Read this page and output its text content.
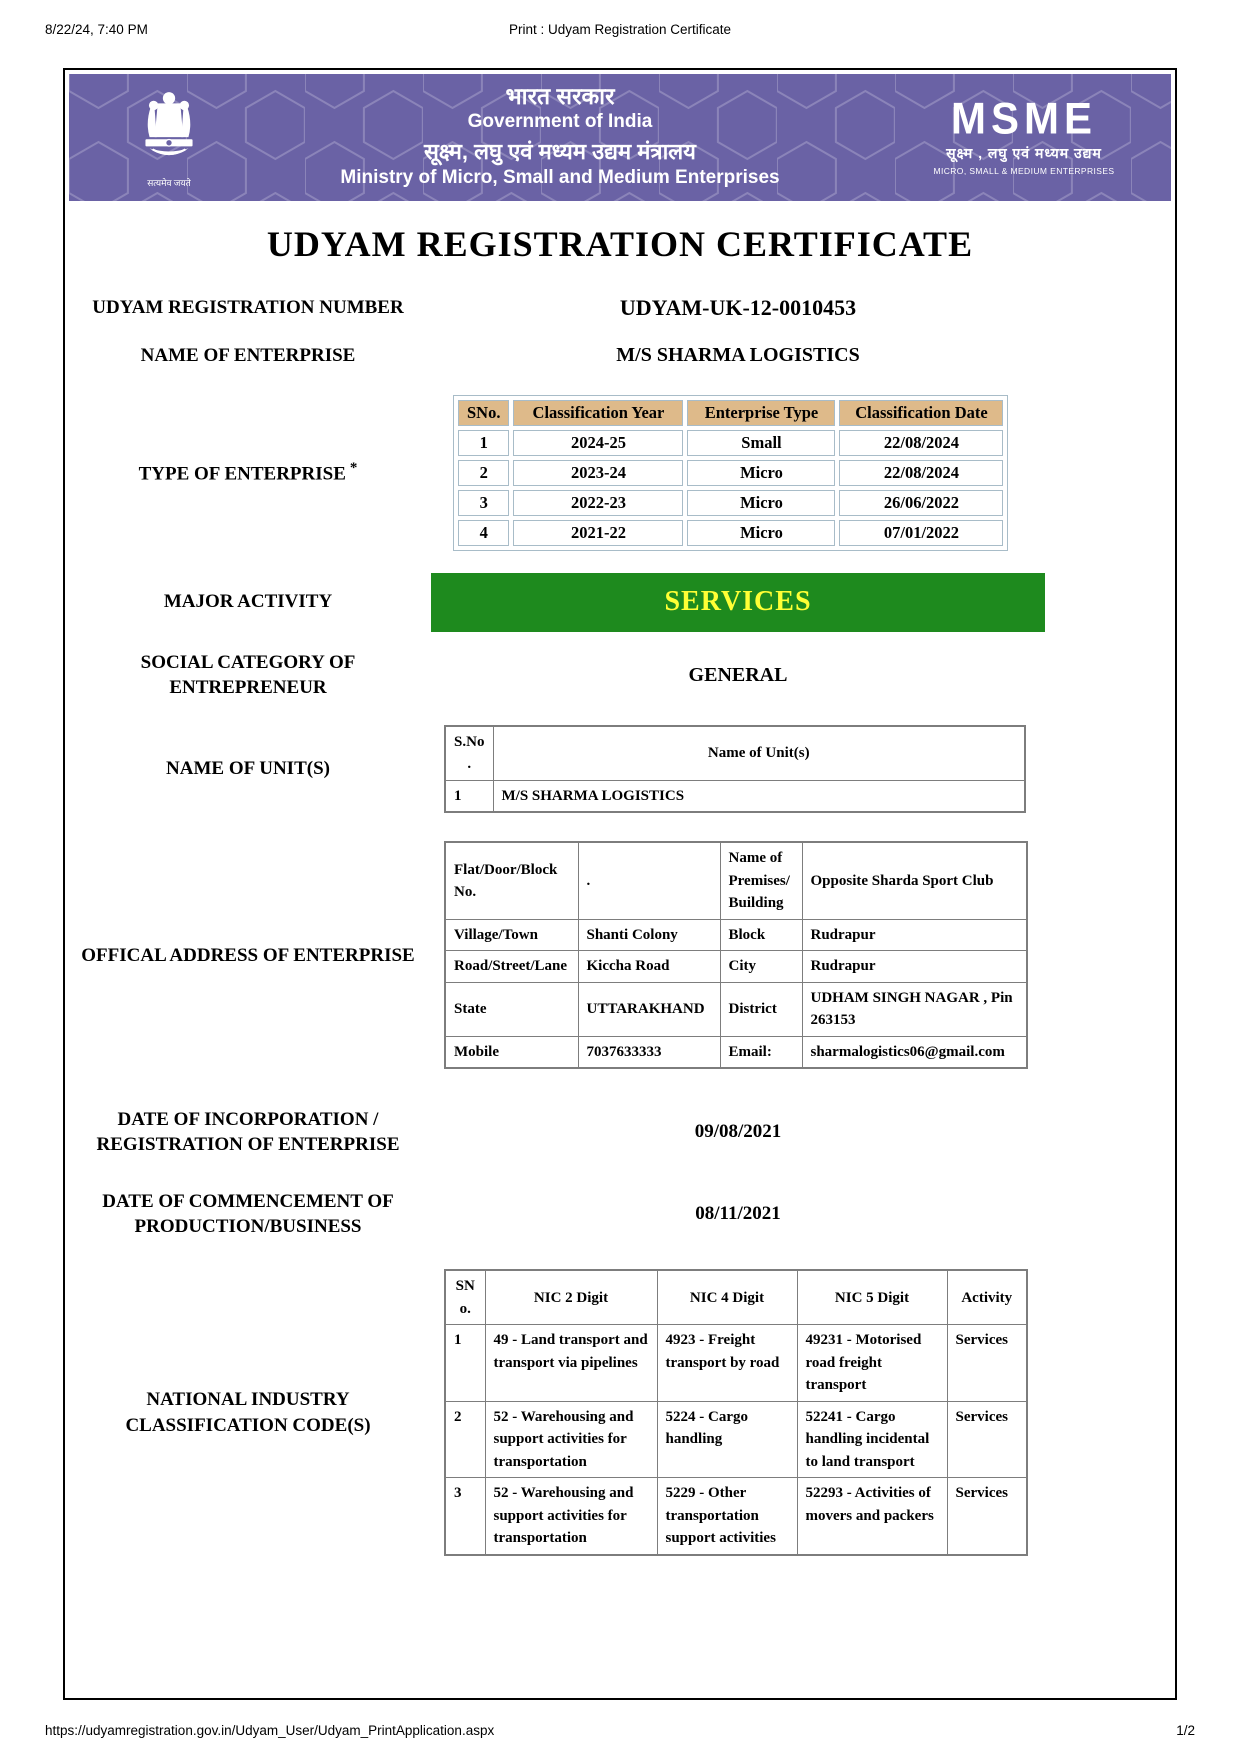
8/22/24, 7:40 PM	Print : Udyam Registration Certificate
सत्यमेव जयते
भारत सरकार
Government of India
सूक्ष्म, लघु एवं मध्यम उद्यम मंत्रालय
Ministry of Micro, Small and Medium Enterprises
MSME
सूक्ष्म , लघु एवं मध्यम उद्यम
MICRO, SMALL & MEDIUM ENTERPRISES
UDYAM REGISTRATION CERTIFICATE
UDYAM REGISTRATION NUMBER	UDYAM-UK-12-0010453
NAME OF ENTERPRISE	M/S SHARMA LOGISTICS
TYPE OF ENTERPRISE *
SNo.	Classification Year	Enterprise Type	Classification Date
1	2024-25	Small	22/08/2024
2	2023-24	Micro	22/08/2024
3	2022-23	Micro	26/06/2022
4	2021-22	Micro	07/01/2022
MAJOR ACTIVITY	SERVICES
SOCIAL CATEGORY OF ENTREPRENEUR
GENERAL
NAME OF UNIT(S)
S.No.	Name of Unit(s)
1	M/S SHARMA LOGISTICS
OFFICAL ADDRESS OF ENTERPRISE
Flat/Door/Block No.	.	Name of Premises/Building	Opposite Sharda Sport Club
Village/Town	Shanti Colony	Block	Rudrapur
Road/Street/Lane	Kiccha Road	City	Rudrapur
State	UTTARAKHAND	District	UDHAM SINGH NAGAR , Pin 263153
Mobile	7037633333	Email:	sharmalogistics06@gmail.com
DATE OF INCORPORATION / REGISTRATION OF ENTERPRISE
09/08/2021
DATE OF COMMENCEMENT OF PRODUCTION/BUSINESS
08/11/2021
NATIONAL INDUSTRY CLASSIFICATION CODE(S)
SNo.	NIC 2 Digit	NIC 4 Digit	NIC 5 Digit	Activity
1	49 - Land transport and transport via pipelines	4923 - Freight transport by road	49231 - Motorised road freight transport	Services
2	52 - Warehousing and support activities for transportation	5224 - Cargo handling	52241 - Cargo handling incidental to land transport	Services
3	52 - Warehousing and support activities for transportation	5229 - Other transportation support activities	52293 - Activities of movers and packers	Services
https://udyamregistration.gov.in/Udyam_User/Udyam_PrintApplication.aspx	1/2
